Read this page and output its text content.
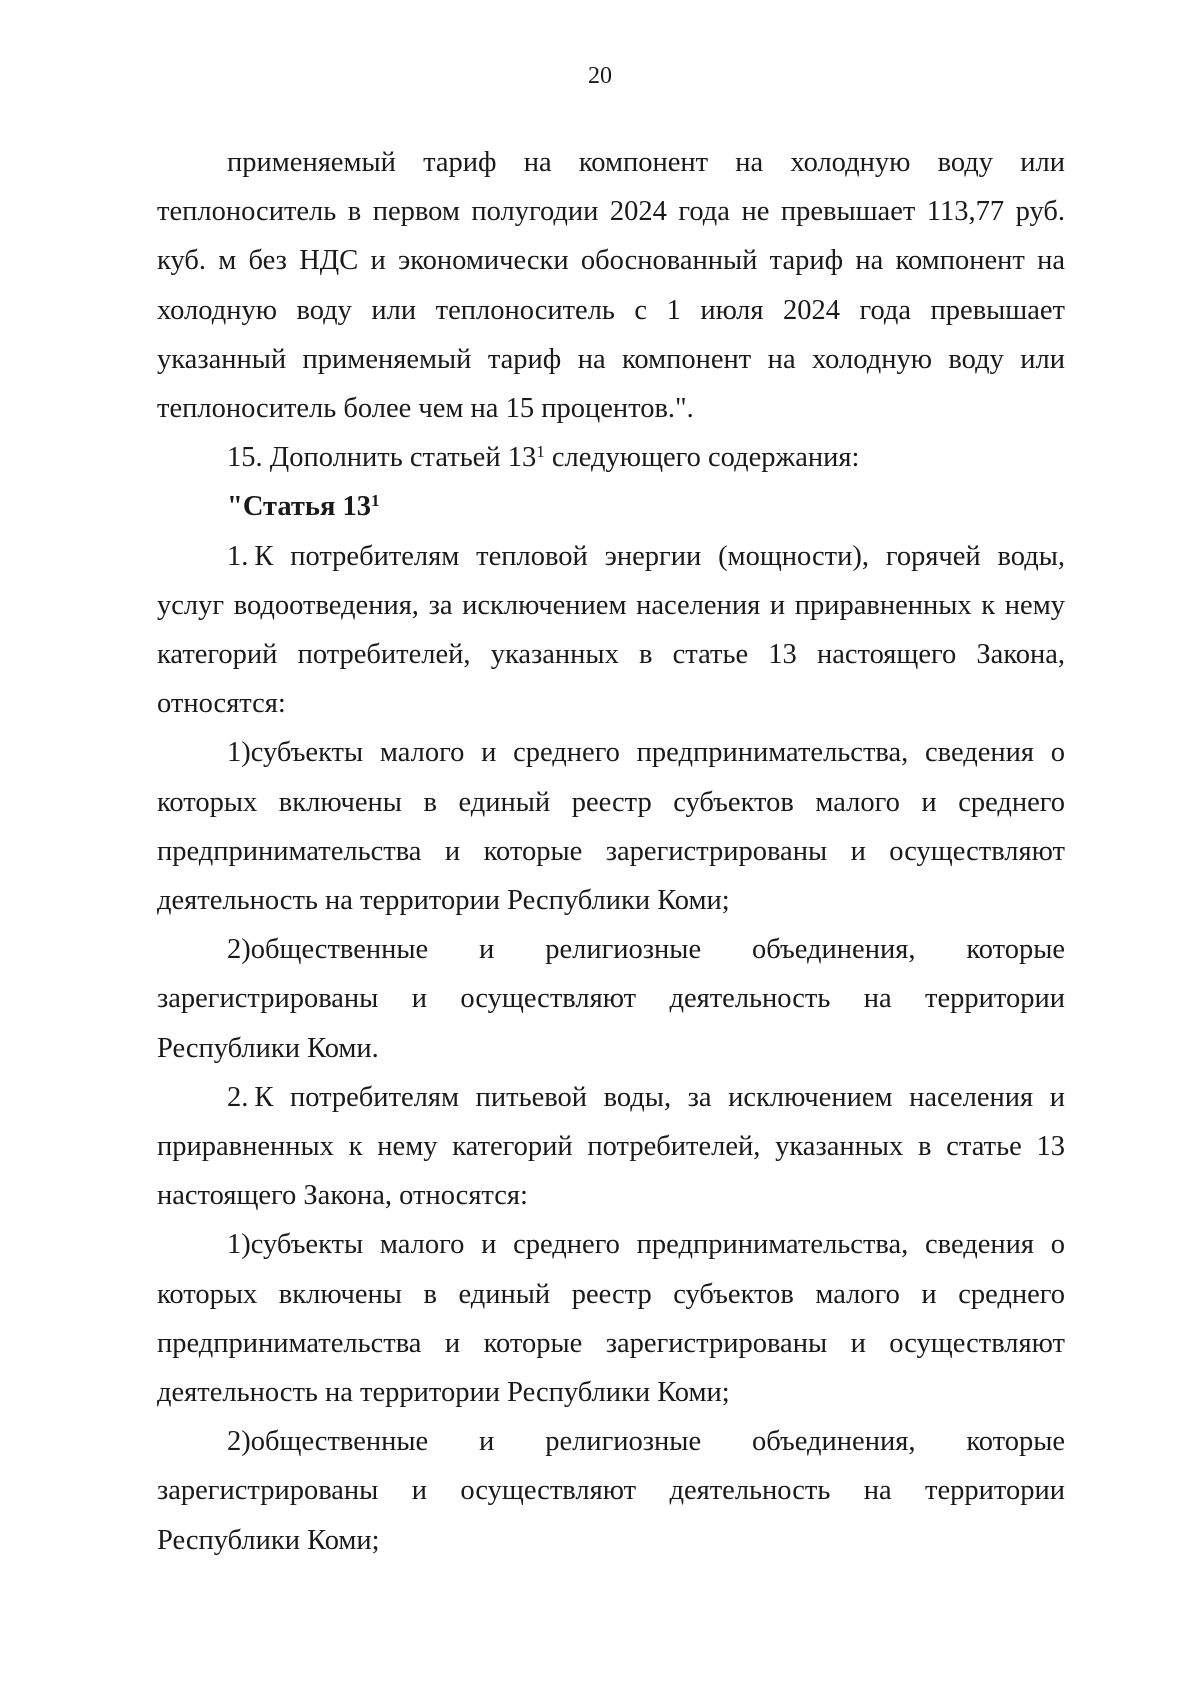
20

применяемый тариф на компонент на холодную воду или теплоноситель в первом полугодии 2024 года не превышает 113,77 руб. куб. м без НДС и экономически обоснованный тариф на компонент на холодную воду или теплоноситель с 1 июля 2024 года превышает указанный применяемый тариф на компонент на холодную воду или теплоноситель более чем на 15 процентов.".

15. Дополнить статьей $13^1$ следующего содержания:

"Статья $13^1$

1. К потребителям тепловой энергии (мощности), горячей воды, услуг водоотведения, за исключением населения и приравненных к нему категорий потребителей, указанных в статье 13 настоящего Закона, относятся:

1)субъекты малого и среднего предпринимательства, сведения о которых включены в единый реестр субъектов малого и среднего предпринимательства и которые зарегистрированы и осуществляют деятельность на территории Республики Коми;

2)общественные и религиозные объединения, которые зарегистрированы и осуществляют деятельность на территории Республики Коми.

2. К потребителям питьевой воды, за исключением населения и приравненных к нему категорий потребителей, указанных в статье 13 настоящего Закона, относятся:

1)субъекты малого и среднего предпринимательства, сведения о которых включены в единый реестр субъектов малого и среднего предпринимательства и которые зарегистрированы и осуществляют деятельность на территории Республики Коми;

2)общественные и религиозные объединения, которые зарегистрированы и осуществляют деятельность на территории Республики Коми;
